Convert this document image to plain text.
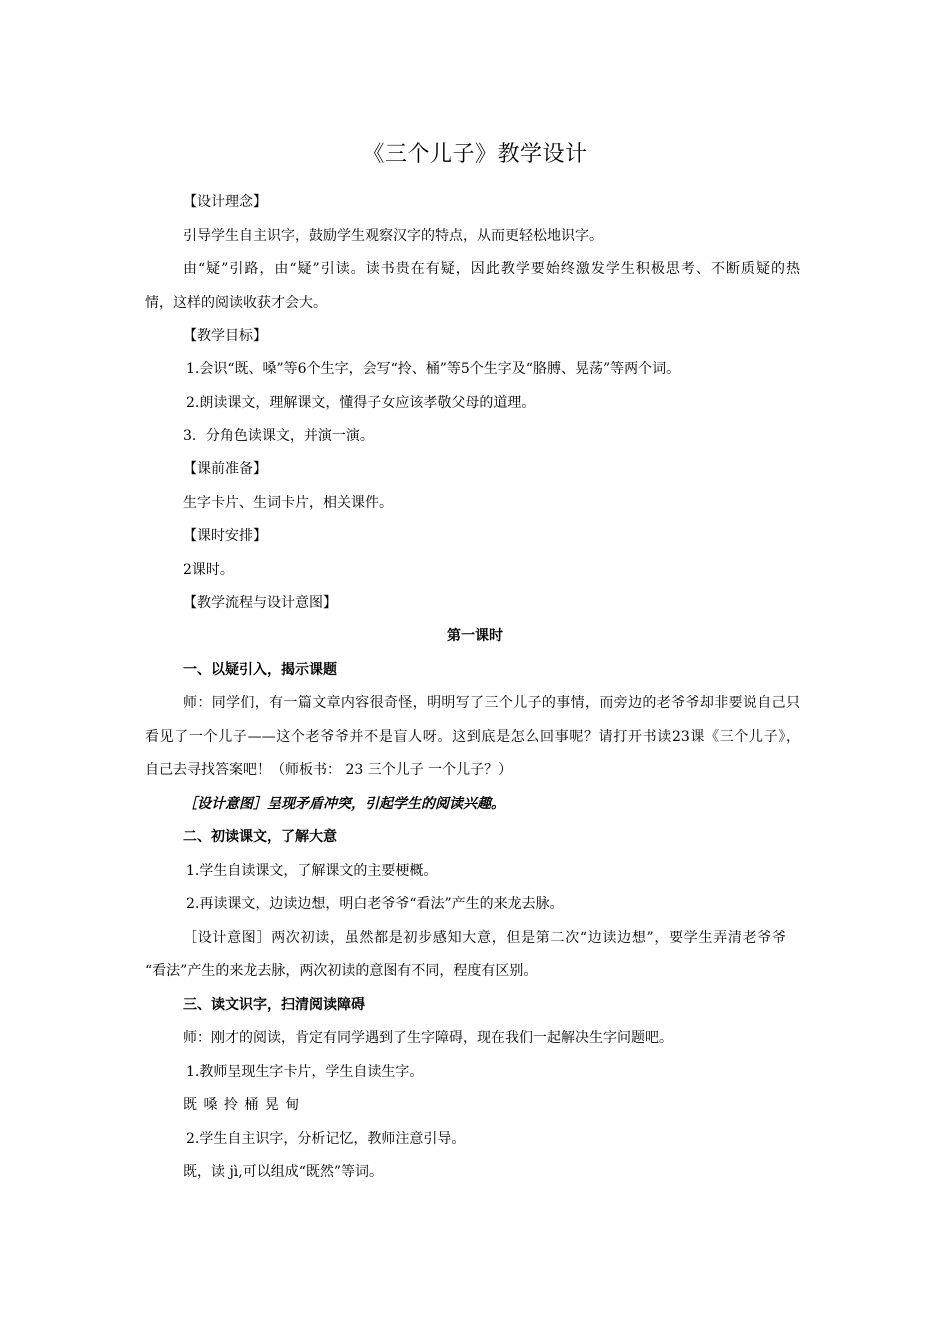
《三个儿子》教学设计
【设计理念】
引导学生自主识字，鼓励学生观察汉字的特点，从而更轻松地识字。
由“疑”引路，由“疑”引读。读书贵在有疑，因此教学要始终激发学生积极思考、不断质疑的热
情，这样的阅读收获才会大。
【教学目标】
1.会识“既、嗓”等6个生字，会写“拎、桶”等5个生字及“胳膊、晃荡”等两个词。
2.朗读课文，理解课文，懂得子女应该孝敬父母的道理。
3．分角色读课文，并演一演。
【课前准备】
生字卡片、生词卡片，相关课件。
【课时安排】
2课时。
【教学流程与设计意图】
第一课时
一、以疑引入，揭示课题
师：同学们，有一篇文章内容很奇怪，明明写了三个儿子的事情，而旁边的老爷爷却非要说自己只
看见了一个儿子——这个老爷爷并不是盲人呀。这到底是怎么回事呢？请打开书读23课《三个儿子》，
自己去寻找答案吧！（师板书： 23 三个儿子 一个儿子？）
［设计意图］呈现矛盾冲突，引起学生的阅读兴趣。
二、初读课文，了解大意
1.学生自读课文，了解课文的主要梗概。
2.再读课文，边读边想，明白老爷爷“看法”产生的来龙去脉。
［设计意图］两次初读，虽然都是初步感知大意，但是第二次“边读边想”，要学生弄清老爷爷
“看法”产生的来龙去脉，两次初读的意图有不同，程度有区别。
三、读文识字，扫清阅读障碍
师：刚才的阅读，肯定有同学遇到了生字障碍，现在我们一起解决生字问题吧。
1.教师呈现生字卡片，学生自读生字。
既 嗓 拎 桶 晃 甸
2.学生自主识字，分析记忆，教师注意引导。
既，读 jì,可以组成“既然”等词。
